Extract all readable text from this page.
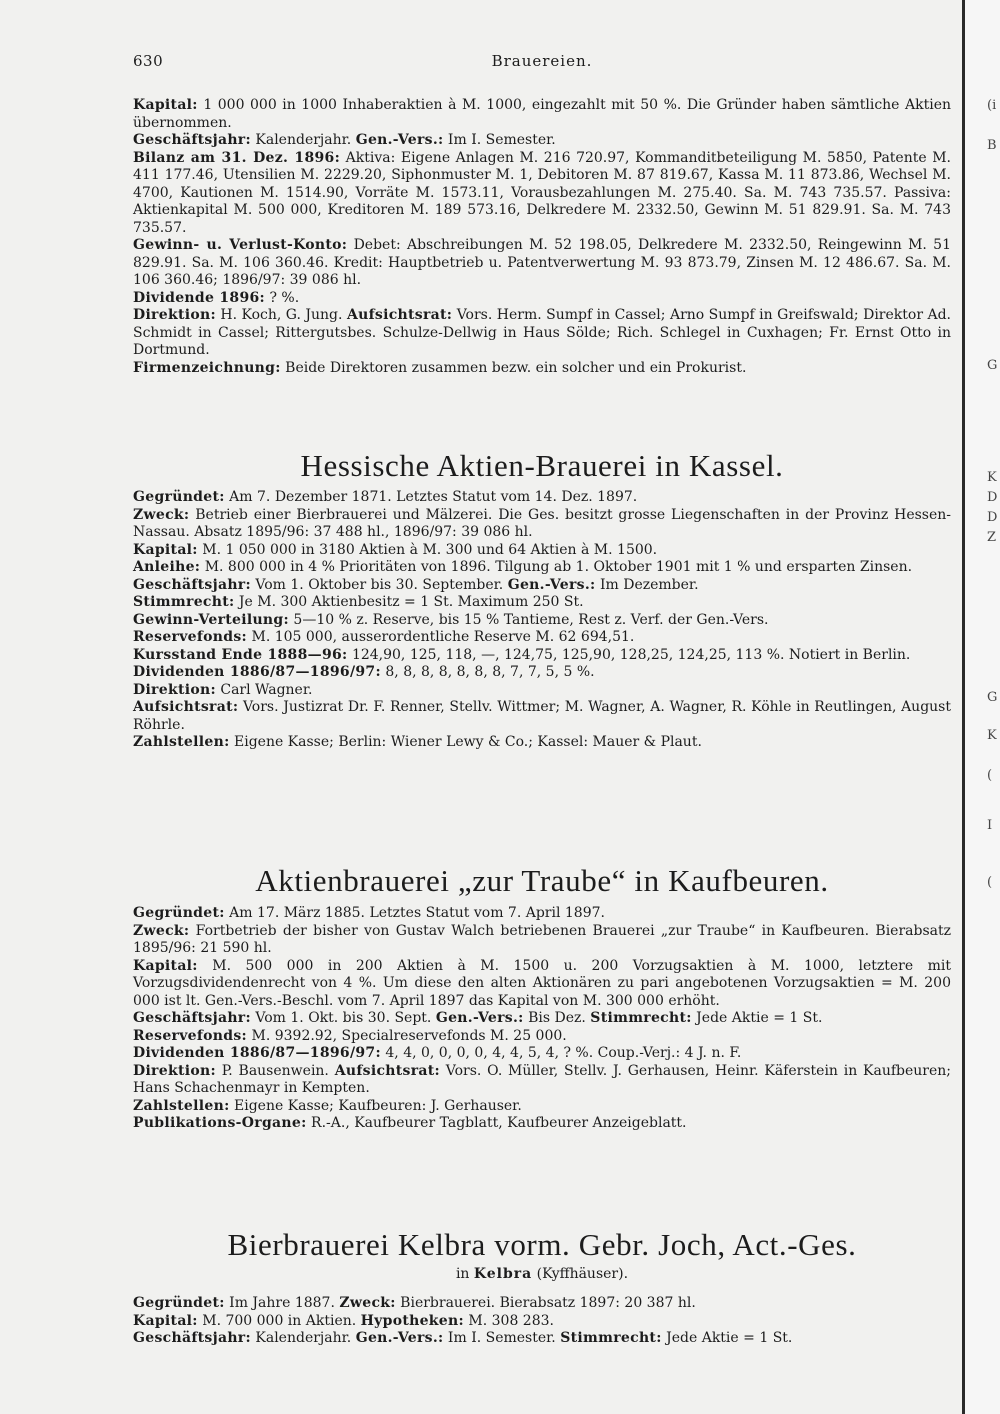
630	Brauereien.

Kapital: 1 000 000 in 1000 Inhaberaktien à M. 1000, eingezahlt mit 50 %. Die Gründer haben sämtliche Aktien übernommen.

Geschäftsjahr: Kalenderjahr. Gen.-Vers.: Im I. Semester.

Bilanz am 31. Dez. 1896: Aktiva: Eigene Anlagen M. 216 720.97, Kommanditbeteiligung M. 5850, Patente M. 411 177.46, Utensilien M. 2229.20, Siphonmuster M. 1, Debitoren M. 87 819.67, Kassa M. 11 873.86, Wechsel M. 4700, Kautionen M. 1514.90, Vorräte M. 1573.11, Vorausbezahlungen M. 275.40. Sa. M. 743 735.57. Passiva: Aktienkapital M. 500 000, Kreditoren M. 189 573.16, Delkredere M. 2332.50, Gewinn M. 51 829.91. Sa. M. 743 735.57.

Gewinn- u. Verlust-Konto: Debet: Abschreibungen M. 52 198.05, Delkredere M. 2332.50, Reingewinn M. 51 829.91. Sa. M. 106 360.46. Kredit: Hauptbetrieb u. Patentverwertung M. 93 873.79, Zinsen M. 12 486.67. Sa. M. 106 360.46; 1896/97: 39 086 hl.

Dividende 1896: ? %.

Direktion: H. Koch, G. Jung. Aufsichtsrat: Vors. Herm. Sumpf in Cassel; Arno Sumpf in Greifswald; Direktor Ad. Schmidt in Cassel; Rittergutsbes. Schulze-Dellwig in Haus Sölde; Rich. Schlegel in Cuxhagen; Fr. Ernst Otto in Dortmund.

Firmenzeichnung: Beide Direktoren zusammen bezw. ein solcher und ein Prokurist.

Hessische Aktien-Brauerei in Kassel.

Gegründet: Am 7. Dezember 1871. Letztes Statut vom 14. Dez. 1897.

Zweck: Betrieb einer Bierbrauerei und Mälzerei. Die Ges. besitzt grosse Liegenschaften in der Provinz Hessen-Nassau. Absatz 1895/96: 37 488 hl., 1896/97: 39 086 hl.

Kapital: M. 1 050 000 in 3180 Aktien à M. 300 und 64 Aktien à M. 1500.

Anleihe: M. 800 000 in 4 % Prioritäten von 1896. Tilgung ab 1. Oktober 1901 mit 1 % und ersparten Zinsen.

Geschäftsjahr: Vom 1. Oktober bis 30. September. Gen.-Vers.: Im Dezember.

Stimmrecht: Je M. 300 Aktienbesitz = 1 St. Maximum 250 St.

Gewinn-Verteilung: 5—10 % z. Reserve, bis 15 % Tantieme, Rest z. Verf. der Gen.-Vers.

Reservefonds: M. 105 000, ausserordentliche Reserve M. 62 694,51.

Kursstand Ende 1888—96: 124,90, 125, 118, —, 124,75, 125,90, 128,25, 124,25, 113 %. Notiert in Berlin.

Dividenden 1886/87—1896/97: 8, 8, 8, 8, 8, 8, 8, 7, 7, 5, 5 %.

Direktion: Carl Wagner.

Aufsichtsrat: Vors. Justizrat Dr. F. Renner, Stellv. Wittmer; M. Wagner, A. Wagner, R. Köhle in Reutlingen, August Röhrle.

Zahlstellen: Eigene Kasse; Berlin: Wiener Lewy & Co.; Kassel: Mauer & Plaut.

Aktienbrauerei „zur Traube“ in Kaufbeuren.

Gegründet: Am 17. März 1885. Letztes Statut vom 7. April 1897.

Zweck: Fortbetrieb der bisher von Gustav Walch betriebenen Brauerei „zur Traube“ in Kaufbeuren. Bierabsatz 1895/96: 21 590 hl.

Kapital: M. 500 000 in 200 Aktien à M. 1500 u. 200 Vorzugsaktien à M. 1000, letztere mit Vorzugsdividendenrecht von 4 %. Um diese den alten Aktionären zu pari angebotenen Vorzugsaktien = M. 200 000 ist lt. Gen.-Vers.-Beschl. vom 7. April 1897 das Kapital von M. 300 000 erhöht.

Geschäftsjahr: Vom 1. Okt. bis 30. Sept. Gen.-Vers.: Bis Dez. Stimmrecht: Jede Aktie = 1 St.

Reservefonds: M. 9392.92, Specialreservefonds M. 25 000.

Dividenden 1886/87—1896/97: 4, 4, 0, 0, 0, 0, 4, 4, 5, 4, ? %. Coup.-Verj.: 4 J. n. F.

Direktion: P. Bausenwein. Aufsichtsrat: Vors. O. Müller, Stellv. J. Gerhausen, Heinr. Käferstein in Kaufbeuren; Hans Schachenmayr in Kempten.

Zahlstellen: Eigene Kasse; Kaufbeuren: J. Gerhauser.

Publikations-Organe: R.-A., Kaufbeurer Tagblatt, Kaufbeurer Anzeigeblatt.

Bierbrauerei Kelbra vorm. Gebr. Joch, Act.-Ges.
in Kelbra (Kyffhäuser).

Gegründet: Im Jahre 1887. Zweck: Bierbrauerei. Bierabsatz 1897: 20 387 hl.

Kapital: M. 700 000 in Aktien. Hypotheken: M. 308 283.

Geschäftsjahr: Kalenderjahr. Gen.-Vers.: Im I. Semester. Stimmrecht: Jede Aktie = 1 St.

(i
B
G
K
D
D
Z
G
K
(
I
(
